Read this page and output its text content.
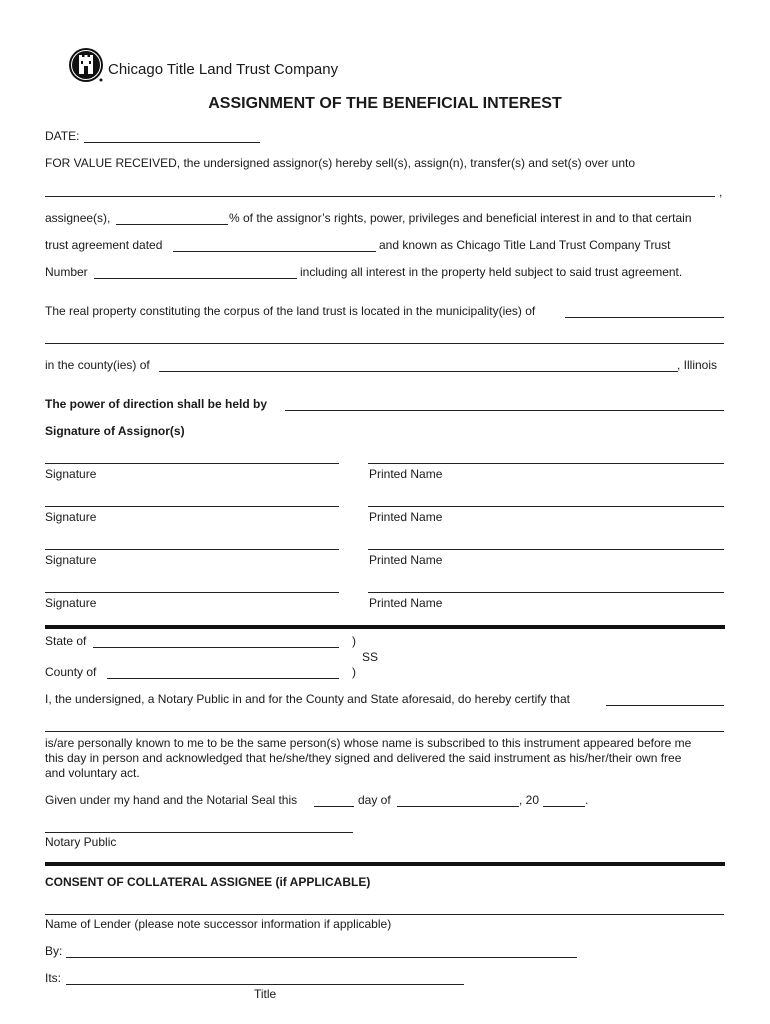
Chicago Title Land Trust Company
ASSIGNMENT OF THE BENEFICIAL INTEREST
DATE:
FOR VALUE RECEIVED, the undersigned assignor(s) hereby sell(s), assign(n), transfer(s) and set(s) over unto
,
assignee(s),	% of the assignor’s rights, power, privileges and beneficial interest in and to that certain
trust agreement dated	and known as Chicago Title Land Trust Company Trust
Number	including all interest in the property held subject to said trust agreement.
The real property constituting the corpus of the land trust is located in the municipality(ies) of
in the county(ies) of	, Illinois
The power of direction shall be held by
Signature of Assignor(s)
Signature	Printed Name
Signature	Printed Name
Signature	Printed Name
Signature	Printed Name
State of	)
SS
County of	)
I, the undersigned, a Notary Public in and for the County and State aforesaid, do hereby certify that
is/are personally known to me to be the same person(s) whose name is subscribed to this instrument appeared before me
this day in person and acknowledged that he/she/they signed and delivered the said instrument as his/her/their own free
and voluntary act.
Given under my hand and the Notarial Seal this	day of	, 20	.
Notary Public
CONSENT OF COLLATERAL ASSIGNEE (if APPLICABLE)
Name of Lender (please note successor information if applicable)
By:
Its:
Title
